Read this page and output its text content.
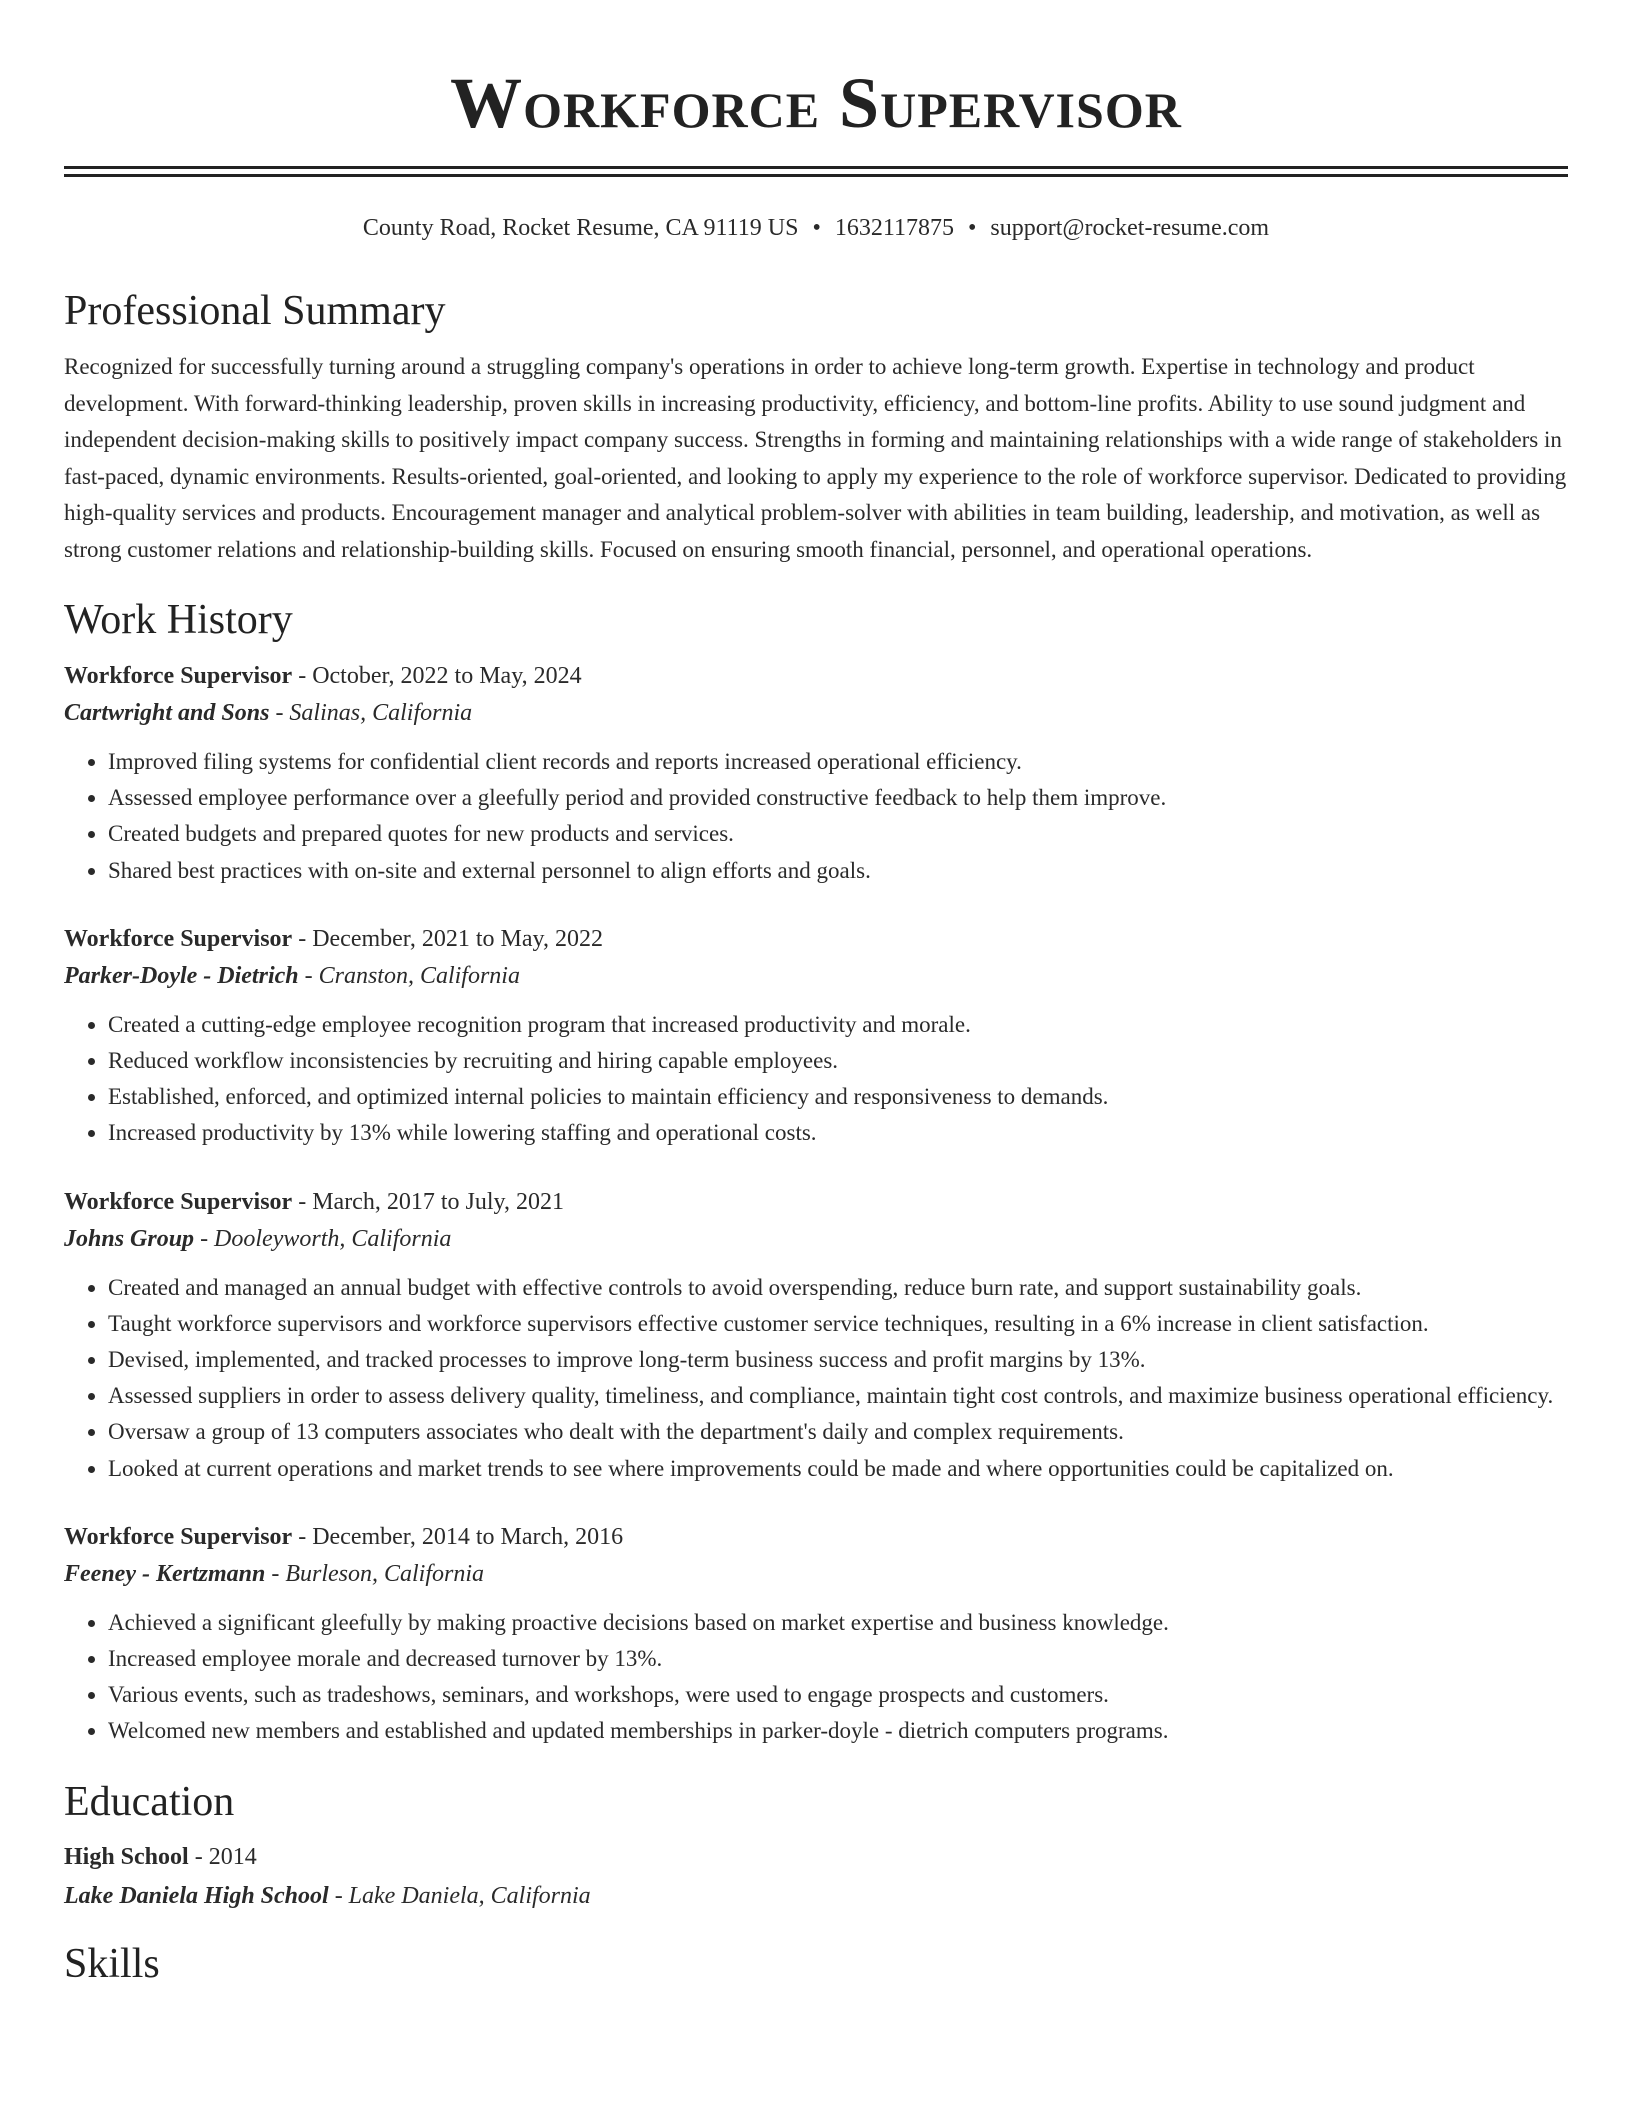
Workforce Supervisor
County Road, Rocket Resume, CA 91119 US • 1632117875 • support@rocket-resume.com
Professional Summary
Recognized for successfully turning around a struggling company's operations in order to achieve long-term growth. Expertise in technology and product development. With forward-thinking leadership, proven skills in increasing productivity, efficiency, and bottom-line profits. Ability to use sound judgment and independent decision-making skills to positively impact company success. Strengths in forming and maintaining relationships with a wide range of stakeholders in fast-paced, dynamic environments. Results-oriented, goal-oriented, and looking to apply my experience to the role of workforce supervisor. Dedicated to providing high-quality services and products. Encouragement manager and analytical problem-solver with abilities in team building, leadership, and motivation, as well as strong customer relations and relationship-building skills. Focused on ensuring smooth financial, personnel, and operational operations.
Work History
Workforce Supervisor - October, 2022 to May, 2024
Cartwright and Sons - Salinas, California
• Improved filing systems for confidential client records and reports increased operational efficiency.
• Assessed employee performance over a gleefully period and provided constructive feedback to help them improve.
• Created budgets and prepared quotes for new products and services.
• Shared best practices with on-site and external personnel to align efforts and goals.
Workforce Supervisor - December, 2021 to May, 2022
Parker-Doyle - Dietrich - Cranston, California
• Created a cutting-edge employee recognition program that increased productivity and morale.
• Reduced workflow inconsistencies by recruiting and hiring capable employees.
• Established, enforced, and optimized internal policies to maintain efficiency and responsiveness to demands.
• Increased productivity by 13% while lowering staffing and operational costs.
Workforce Supervisor - March, 2017 to July, 2021
Johns Group - Dooleyworth, California
• Created and managed an annual budget with effective controls to avoid overspending, reduce burn rate, and support sustainability goals.
• Taught workforce supervisors and workforce supervisors effective customer service techniques, resulting in a 6% increase in client satisfaction.
• Devised, implemented, and tracked processes to improve long-term business success and profit margins by 13%.
• Assessed suppliers in order to assess delivery quality, timeliness, and compliance, maintain tight cost controls, and maximize business operational efficiency.
• Oversaw a group of 13 computers associates who dealt with the department's daily and complex requirements.
• Looked at current operations and market trends to see where improvements could be made and where opportunities could be capitalized on.
Workforce Supervisor - December, 2014 to March, 2016
Feeney - Kertzmann - Burleson, California
• Achieved a significant gleefully by making proactive decisions based on market expertise and business knowledge.
• Increased employee morale and decreased turnover by 13%.
• Various events, such as tradeshows, seminars, and workshops, were used to engage prospects and customers.
• Welcomed new members and established and updated memberships in parker-doyle - dietrich computers programs.
Education
High School - 2014
Lake Daniela High School - Lake Daniela, California
Skills
